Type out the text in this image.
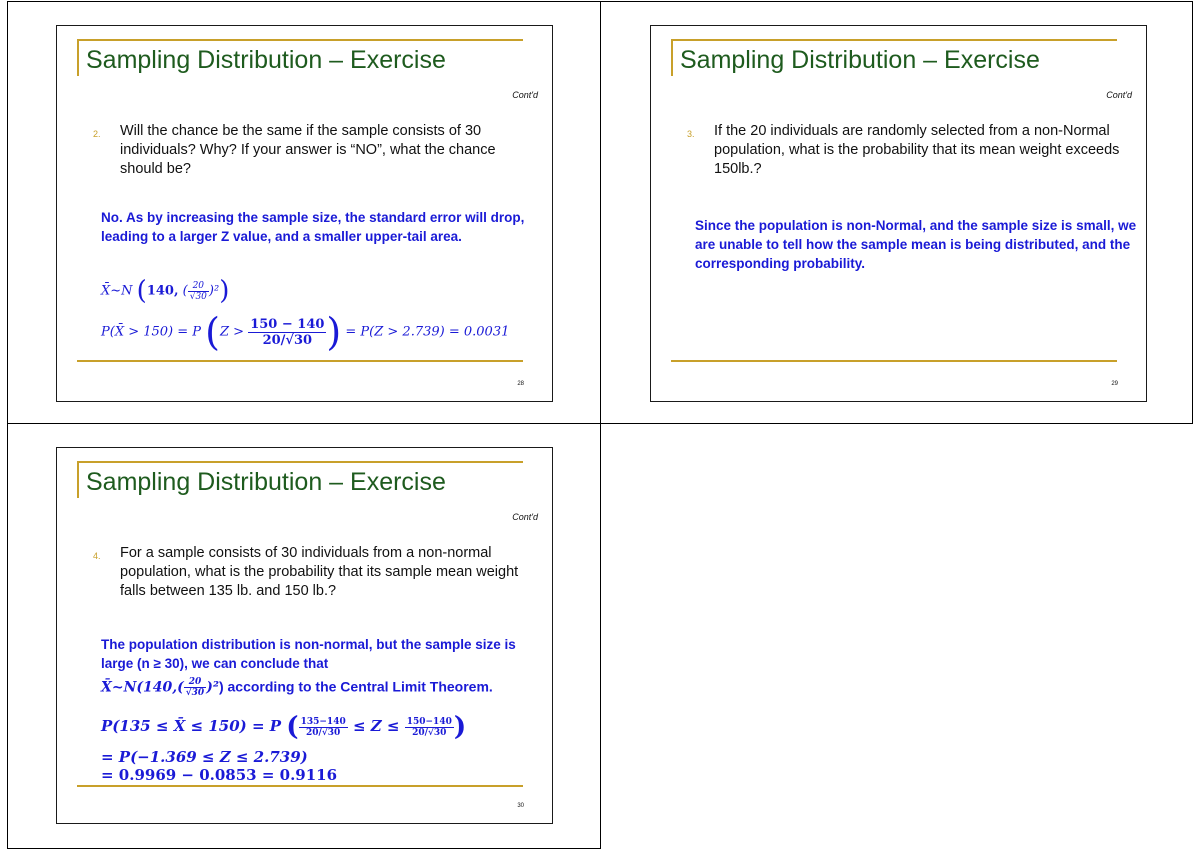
Sampling Distribution – Exercise
Cont'd
2. Will the chance be the same if the sample consists of 30 individuals? Why? If your answer is “NO”, what the chance should be?
No. As by increasing the sample size, the standard error will drop, leading to a larger Z value, and a smaller upper-tail area.
X̄~N (140, ( $\frac{20}{√30} )^2$)
P(X̄ > 150) = P ($Z > \frac{150 - 140}{20/√30}$ ) = P(Z > 2.739) = 0.0031
28
Sampling Distribution – Exercise
Cont'd
3. If the 20 individuals are randomly selected from a non-Normal population, what is the probability that its mean weight exceeds 150lb.?
Since the population is non-Normal, and the sample size is small, we are unable to tell how the sample mean is being distributed, and the corresponding probability.
29
Sampling Distribution – Exercise
Cont'd
4. For a sample consists of 30 individuals from a non-normal population, what is the probability that its sample mean weight falls between 135 lb. and 150 lb.?
The population distribution is non-normal, but the sample size is large (n ≥ 30), we can conclude that
X̄~N(140,( $\frac{20}{√30} )^2$) according to the Central Limit Theorem.
P(135 ≤ X̄ ≤ 150) = P ( $\frac{135-140}{20/√30} \le Z \le \frac{150-140}{20/√30}$ )
= P(−1.369 ≤ Z ≤ 2.739)
= 0.9969 − 0.0853 = 0.9116
30
